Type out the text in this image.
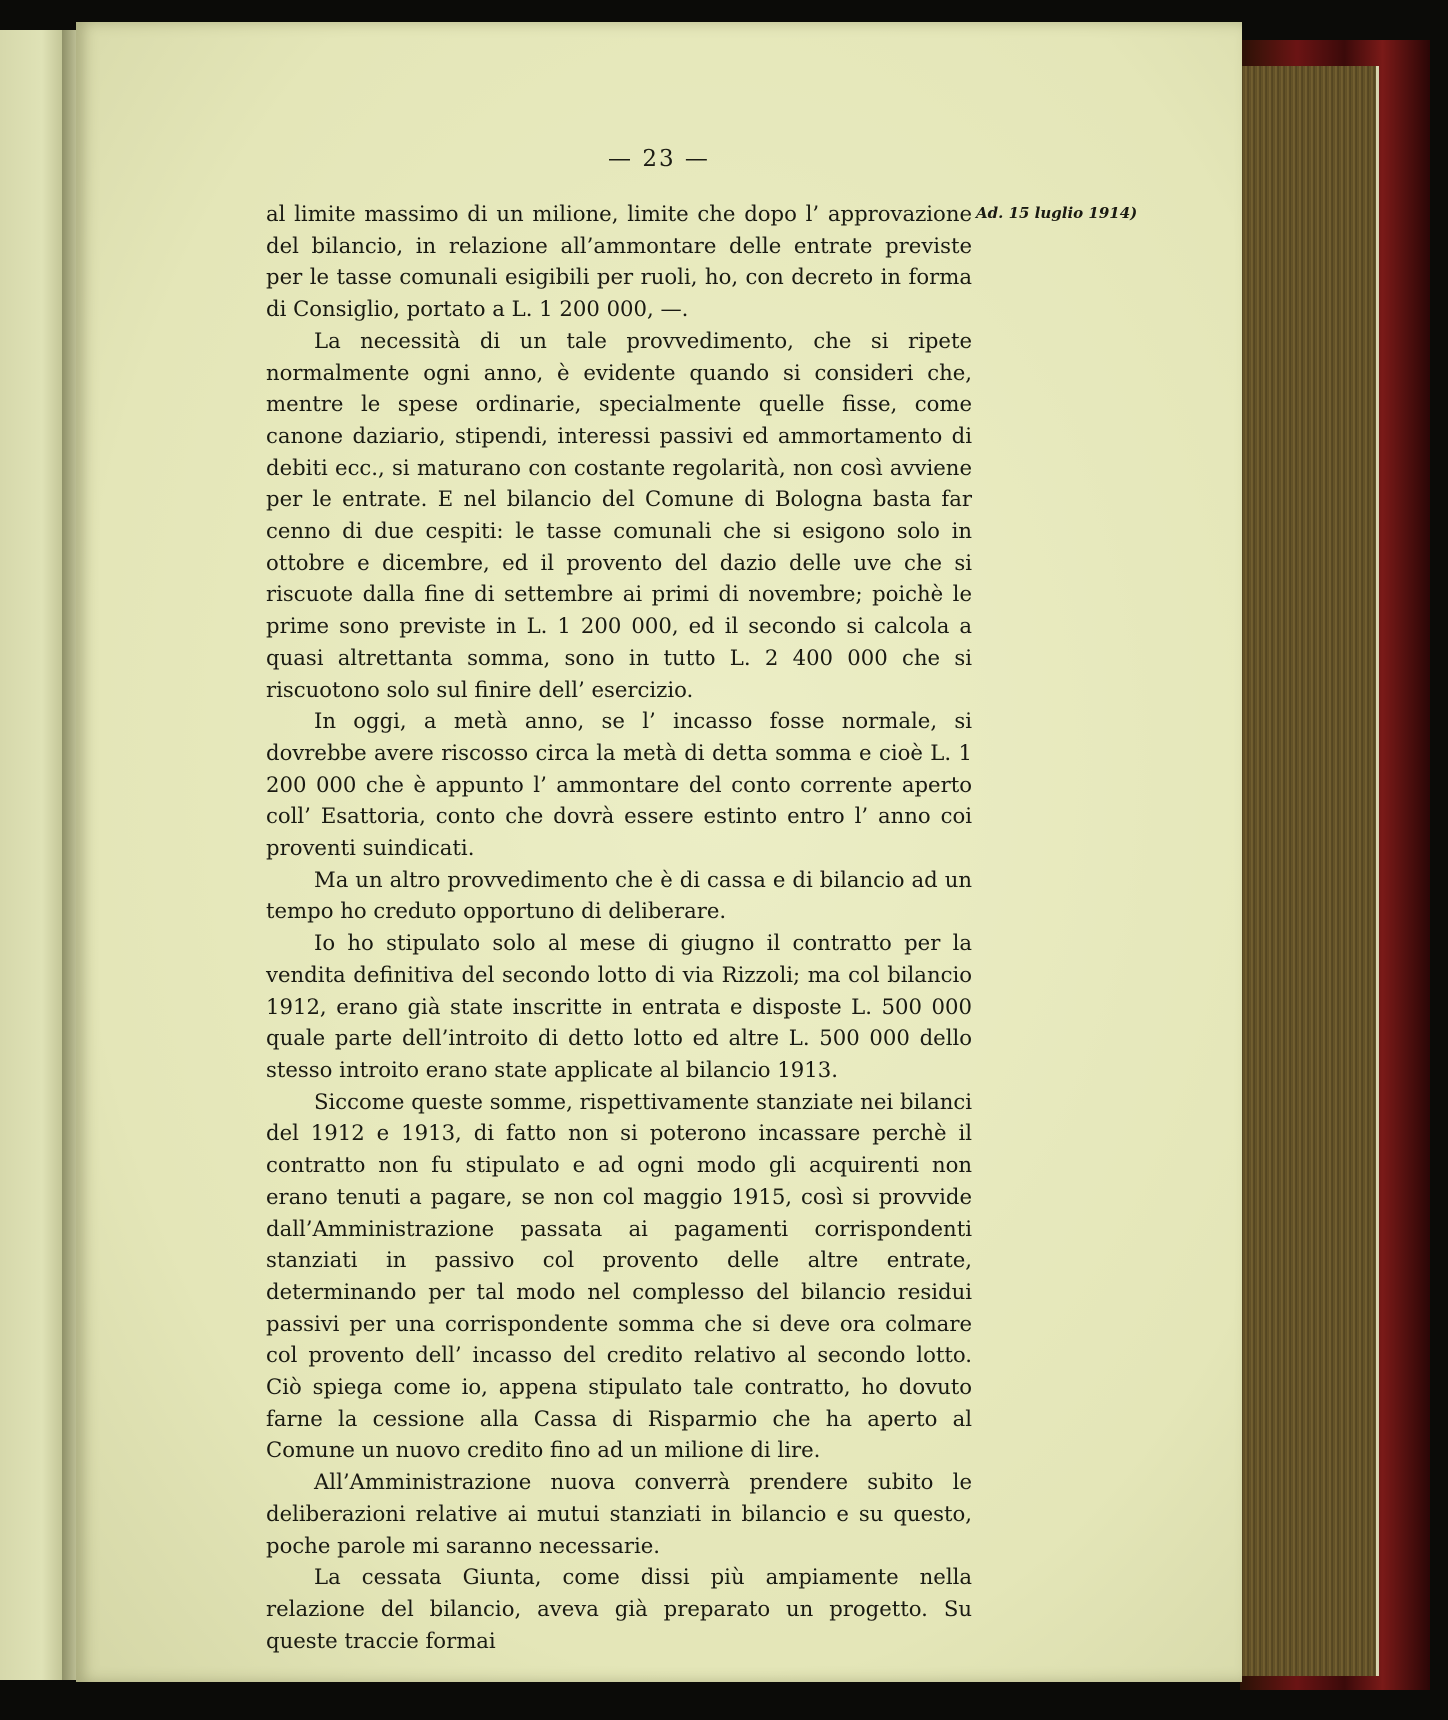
— 23 —
Ad. 15 luglio 1914)

al limite massimo di un milione, limite che dopo l’ approvazione del bilancio, in relazione all’ammontare delle entrate previste per le tasse comunali esigibili per ruoli, ho, con decreto in forma di Consiglio, portato a L. 1 200 000, —.

La necessità di un tale provvedimento, che si ripete normalmente ogni anno, è evidente quando si consideri che, mentre le spese ordinarie, specialmente quelle fisse, come canone daziario, stipendi, interessi passivi ed ammortamento di debiti ecc., si maturano con costante regolarità, non così avviene per le entrate. E nel bilancio del Comune di Bologna basta far cenno di due cespiti: le tasse comunali che si esigono solo in ottobre e dicembre, ed il provento del dazio delle uve che si riscuote dalla fine di settembre ai primi di novembre; poichè le prime sono previste in L. 1 200 000, ed il secondo si calcola a quasi altrettanta somma, sono in tutto L. 2 400 000 che si riscuotono solo sul finire dell’ esercizio.

In oggi, a metà anno, se l’ incasso fosse normale, si dovrebbe avere riscosso circa la metà di detta somma e cioè L. 1 200 000 che è appunto l’ ammontare del conto corrente aperto coll’ Esattoria, conto che dovrà essere estinto entro l’ anno coi proventi suindicati.

Ma un altro provvedimento che è di cassa e di bilancio ad un tempo ho creduto opportuno di deliberare.

Io ho stipulato solo al mese di giugno il contratto per la vendita definitiva del secondo lotto di via Rizzoli; ma col bilancio 1912, erano già state inscritte in entrata e disposte L. 500 000 quale parte dell’introito di detto lotto ed altre L. 500 000 dello stesso introito erano state applicate al bilancio 1913.

Siccome queste somme, rispettivamente stanziate nei bilanci del 1912 e 1913, di fatto non si poterono incassare perchè il contratto non fu stipulato e ad ogni modo gli acquirenti non erano tenuti a pagare, se non col maggio 1915, così si provvide dall’Amministrazione passata ai pagamenti corrispondenti stanziati in passivo col provento delle altre entrate, determinando per tal modo nel complesso del bilancio residui passivi per una corrispondente somma che si deve ora colmare col provento dell’ incasso del credito relativo al secondo lotto. Ciò spiega come io, appena stipulato tale contratto, ho dovuto farne la cessione alla Cassa di Risparmio che ha aperto al Comune un nuovo credito fino ad un milione di lire.

All’Amministrazione nuova converrà prendere subito le deliberazioni relative ai mutui stanziati in bilancio e su questo, poche parole mi saranno necessarie.

La cessata Giunta, come dissi più ampiamente nella relazione del bilancio, aveva già preparato un progetto. Su queste traccie formai
